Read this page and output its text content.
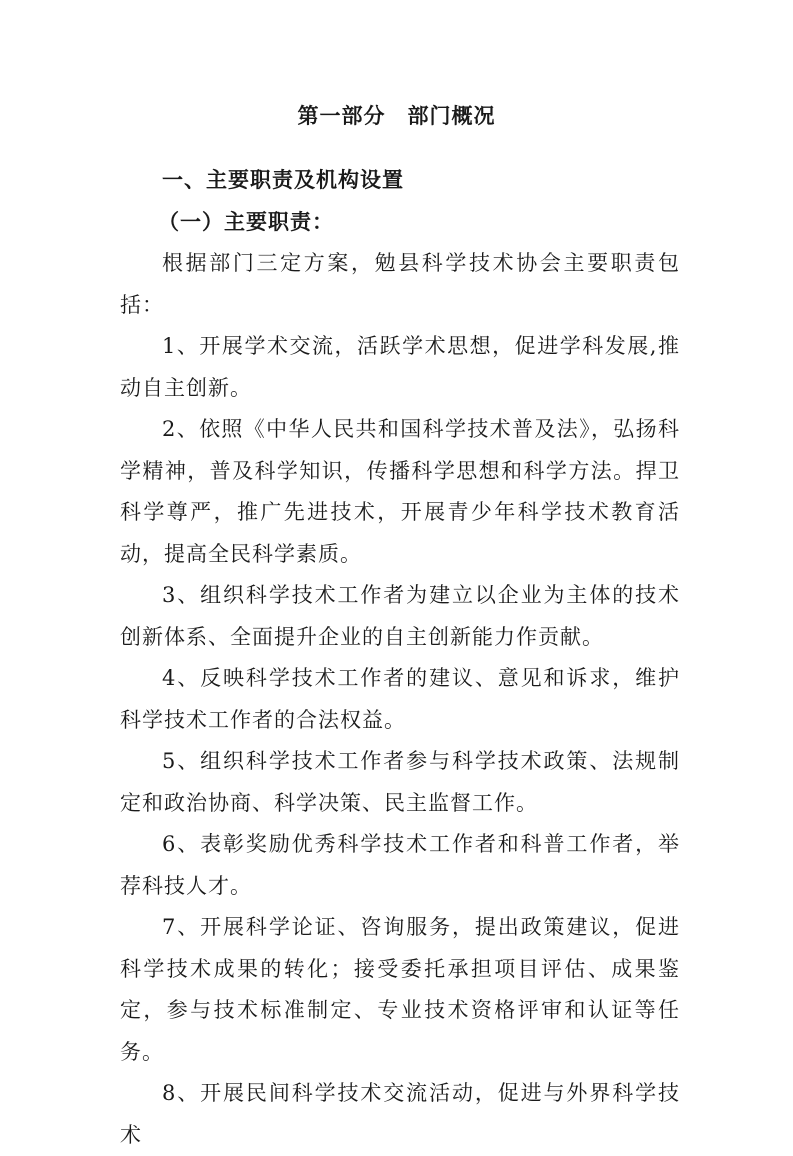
第一部分　部门概况

一、主要职责及机构设置

（一）主要职责：

根据部门三定方案，勉县科学技术协会主要职责包括：

1、开展学术交流，活跃学术思想，促进学科发展,推动自主创新。

2、依照《中华人民共和国科学技术普及法》，弘扬科学精神，普及科学知识，传播科学思想和科学方法。捍卫科学尊严，推广先进技术，开展青少年科学技术教育活动，提高全民科学素质。

3、组织科学技术工作者为建立以企业为主体的技术创新体系、全面提升企业的自主创新能力作贡献。

4、反映科学技术工作者的建议、意见和诉求，维护科学技术工作者的合法权益。

5、组织科学技术工作者参与科学技术政策、法规制定和政治协商、科学决策、民主监督工作。

6、表彰奖励优秀科学技术工作者和科普工作者，举荐科技人才。

7、开展科学论证、咨询服务，提出政策建议，促进科学技术成果的转化；接受委托承担项目评估、成果鉴定，参与技术标准制定、专业技术资格评审和认证等任务。

8、开展民间科学技术交流活动，促进与外界科学技术
